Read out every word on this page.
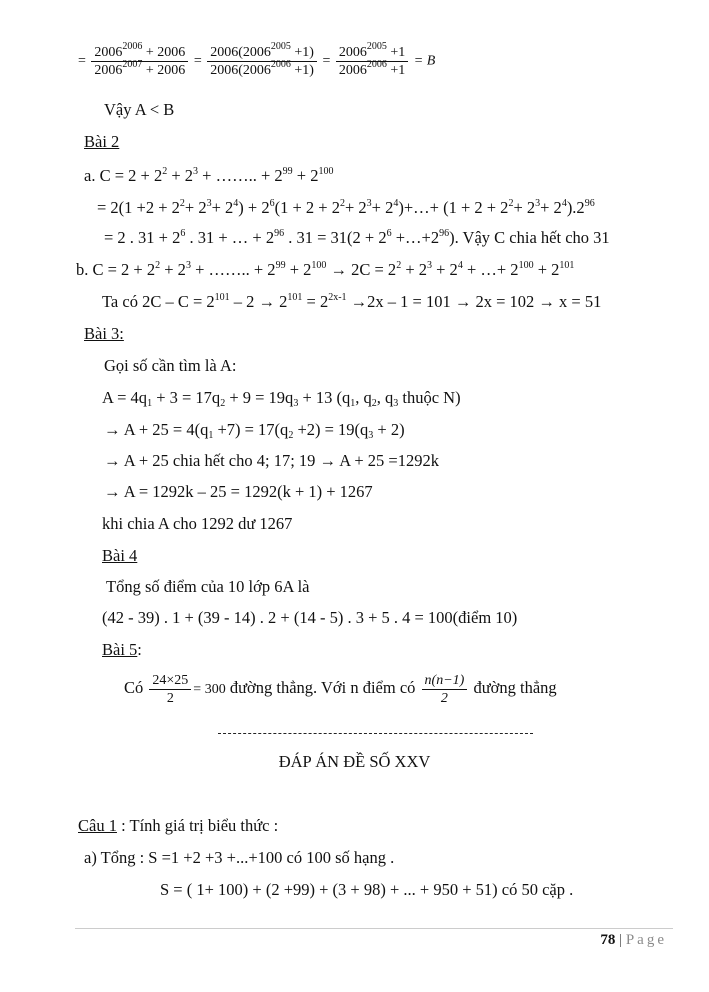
= $\frac{2006^{2006} + 2006}{2006^{2007} + 2006} = \frac{2006(2006^{2005} +1)}{2006(2006^{2006} +1)} = \frac{2006^{2005} +1}{2006^{2006} +1} = B$
Vậy A < B
Bài 2
a. $C = 2 + 2^2 + 2^3$ + …….. + $2^{99} + 2^{100}$
= $2(1 +2 + 2^2+ 2^3+ 2^4) + 2^6(1 + 2 + 2^2+ 2^3+$ $2^4)+\dots+ (1 + 2 + 2^2+ 2^3+ 2^4).2^{96}$
= 2 . $31 + 2^6$ . 31 + … + $2^{96}$ . $31 = 31(2 + 2^6$ $+\dots+2^{96}$). Vậy C chia hết cho 31
b. $C = 2 + 2^2 + 2^3$ + …….. + $2^{99} + 2^{100} \to 2C = 2^2 + 2^3 + 2^4$ + …+ $2^{100} + 2^{101}$
Ta có $2C - C = 2^{101} - 2 \to 2^{101} = 2^{2x-1} \to 2x - 1 = 101 \to 2x = 102 \to x = 51$
Bài 3:
Gọi số cần tìm là A:
$A = 4q_1 + 3 = 17q_2 + 9 = 19q_3 + 13$ ($q_1$, $q_2$, $q_3$ thuộc N)
→ $A + 25 = 4(q_1 +7) = 17(q_2 +2) = 19(q_3 + 2)$
→ A + 25 chia hết cho 4; 17; 19 → A + 25 =1292k
→ A = 1292k – 25 = 1292(k + 1) + 1267
khi chia A cho 1292 dư 1267
Bài 4
Tổng số điểm của 10 lớp 6A là
(42 - 39) . 1 + (39 - 14) . 2 + (14 - 5) . 3 + 5 . 4 = 100(điểm 10)
Bài 5:
Có $\frac{24\times 25}{2} = 300$ đường thẳng. Với n điểm có $\frac{n(n-1)}{2}$ đường thẳng
ĐÁP ÁN ĐỀ SỐ XXV
Câu 1 : Tính giá trị biểu thức :
a) Tổng : S =1 +2 +3 +...+100 có 100 số hạng .
S = ( 1+ 100) + (2 +99) + (3 + 98) + ... + 950 + 51) có 50 cặp .
78 | Page
